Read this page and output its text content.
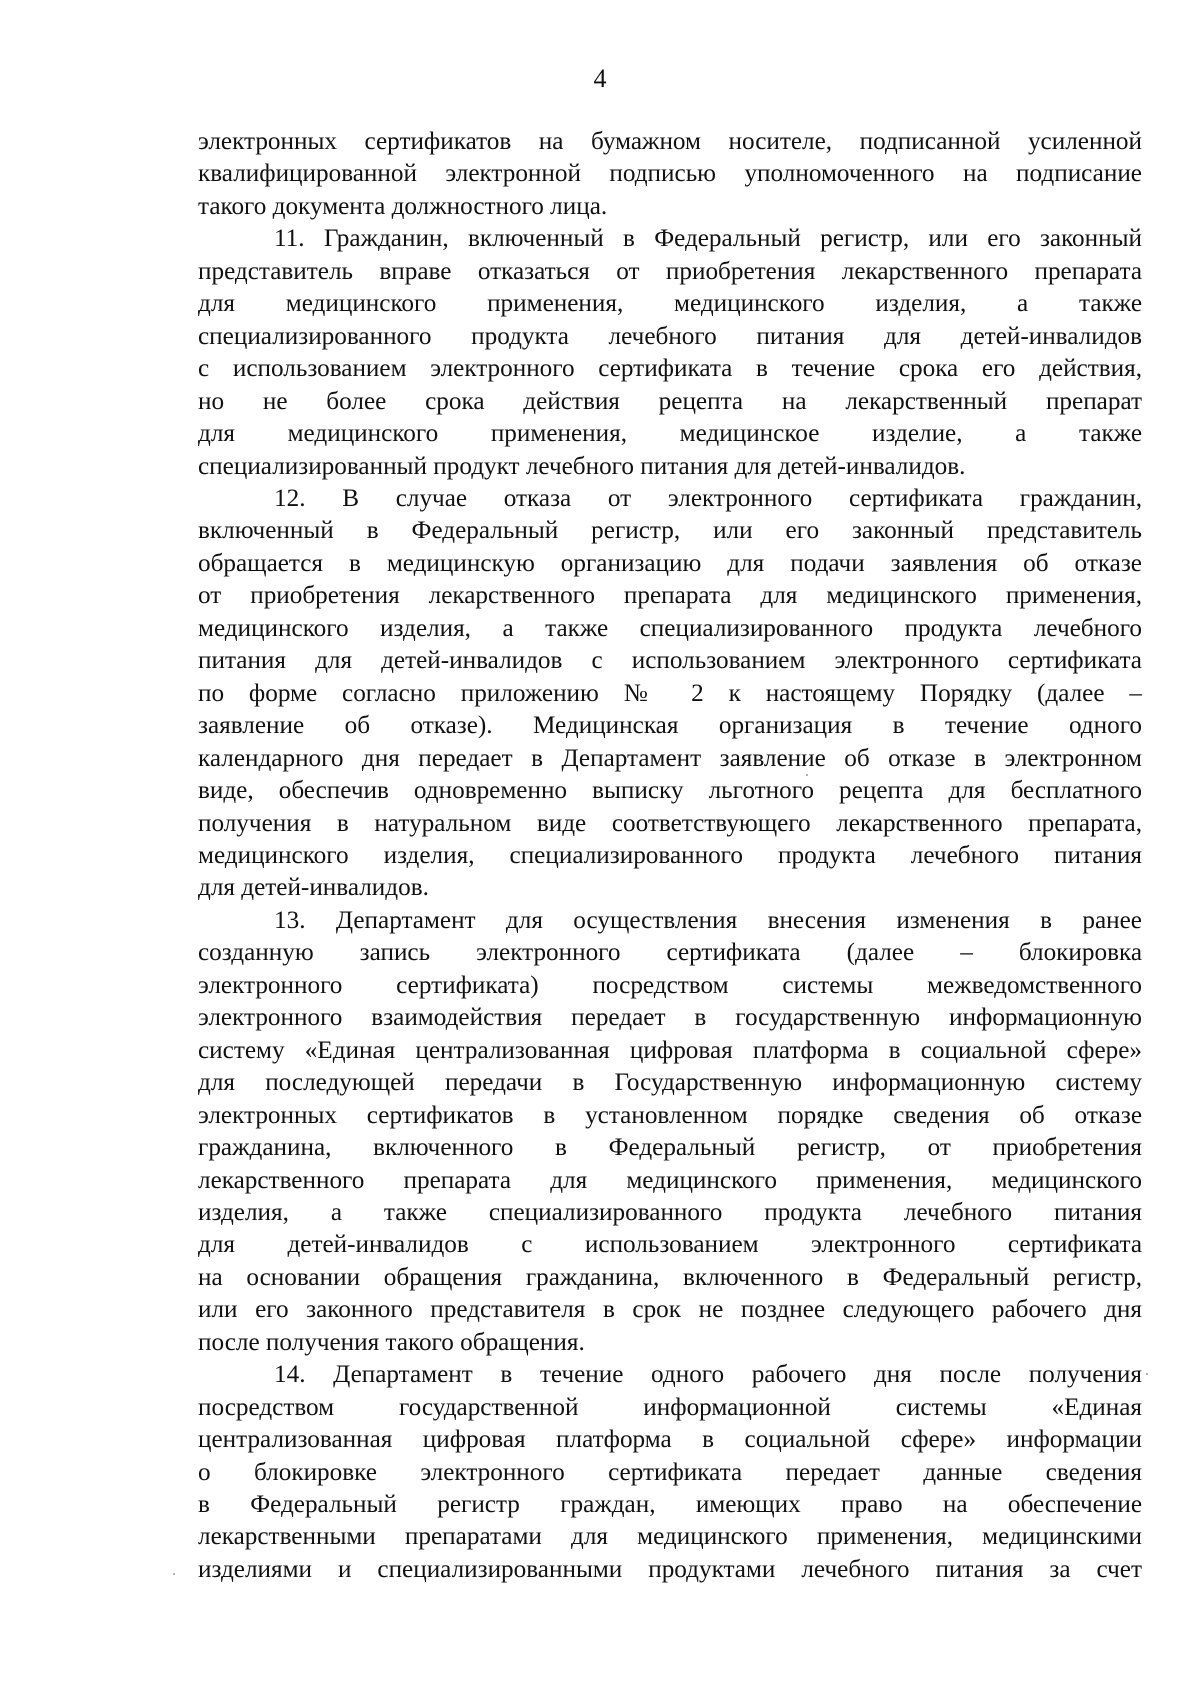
4
электронных сертификатов на бумажном носителе, подписанной усиленной
квалифицированной электронной подписью уполномоченного на подписание
такого документа должностного лица.
11. Гражданин, включенный в Федеральный регистр, или его законный
представитель вправе отказаться от приобретения лекарственного препарата
для медицинского применения, медицинского изделия, а также
специализированного продукта лечебного питания для детей-инвалидов
с использованием электронного сертификата в течение срока его действия,
но не более срока действия рецепта на лекарственный препарат
для медицинского применения, медицинское изделие, а также
специализированный продукт лечебного питания для детей-инвалидов.
12. В случае отказа от электронного сертификата гражданин,
включенный в Федеральный регистр, или его законный представитель
обращается в медицинскую организацию для подачи заявления об отказе
от приобретения лекарственного препарата для медицинского применения,
медицинского изделия, а также специализированного продукта лечебного
питания для детей-инвалидов с использованием электронного сертификата
по форме согласно приложению № 2 к настоящему Порядку (далее –
заявление об отказе). Медицинская организация в течение одного
календарного дня передает в Департамент заявление об отказе в электронном
виде, обеспечив одновременно выписку льготного рецепта для бесплатного
получения в натуральном виде соответствующего лекарственного препарата,
медицинского изделия, специализированного продукта лечебного питания
для детей-инвалидов.
13. Департамент для осуществления внесения изменения в ранее
созданную запись электронного сертификата (далее – блокировка
электронного сертификата) посредством системы межведомственного
электронного взаимодействия передает в государственную информационную
систему «Единая централизованная цифровая платформа в социальной сфере»
для последующей передачи в Государственную информационную систему
электронных сертификатов в установленном порядке сведения об отказе
гражданина, включенного в Федеральный регистр, от приобретения
лекарственного препарата для медицинского применения, медицинского
изделия, а также специализированного продукта лечебного питания
для детей-инвалидов с использованием электронного сертификата
на основании обращения гражданина, включенного в Федеральный регистр,
или его законного представителя в срок не позднее следующего рабочего дня
после получения такого обращения.
14. Департамент в течение одного рабочего дня после получения
посредством государственной информационной системы «Единая
централизованная цифровая платформа в социальной сфере» информации
о блокировке электронного сертификата передает данные сведения
в Федеральный регистр граждан, имеющих право на обеспечение
лекарственными препаратами для медицинского применения, медицинскими
изделиями и специализированными продуктами лечебного питания за счет
